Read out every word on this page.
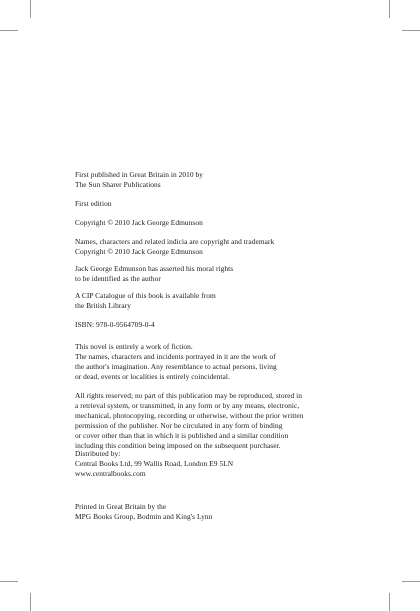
First published in Great Britain in 2010 by
The Sun Sharer Publications

First edition

Copyright © 2010 Jack George Edmunson

Names, characters and related indicia are copyright and trademark
Copyright © 2010 Jack George Edmunson

Jack George Edmunson has asserted his moral rights
to be identified as the author

A CIP Catalogue of this book is available from
the British Library

ISBN: 978-0-9564709-0-4

This novel is entirely a work of fiction.
The names, characters and incidents portrayed in it are the work of
the author's imagination. Any resemblance to actual persons, living
or dead, events or localities is entirely coincidental.

All rights reserved; no part of this publication may be reproduced, stored in
a retrieval system, or transmitted, in any form or by any means, electronic,
mechanical, photocopying, recording or otherwise, without the prior written
permission of the publisher. Nor be circulated in any form of binding
or cover other than that in which it is published and a similar condition
including this condition being imposed on the subsequent purchaser.

Distributed by:
Central Books Ltd, 99 Wallis Road, London E9 5LN
www.centralbooks.com

Printed in Great Britain by the
MPG Books Group, Bodmin and King's Lynn
